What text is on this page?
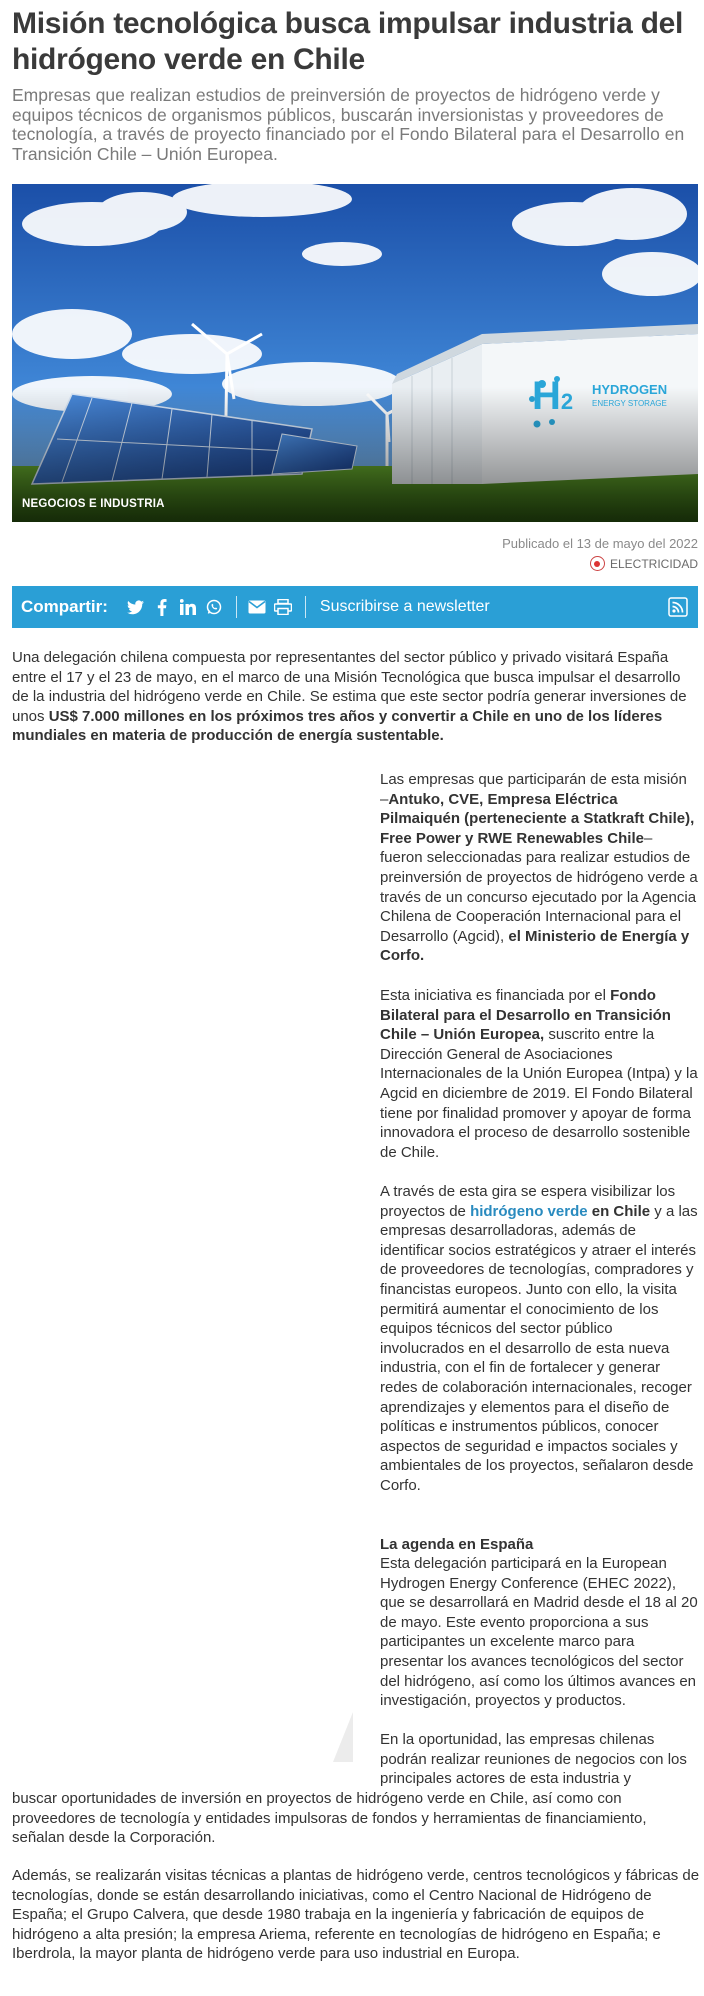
Misión tecnológica busca impulsar industria del hidrógeno verde en Chile

Empresas que realizan estudios de preinversión de proyectos de hidrógeno verde y equipos técnicos de organismos públicos, buscarán inversionistas y proveedores de tecnología, a través de proyecto financiado por el Fondo Bilateral para el Desarrollo en Transición Chile – Unión Europea.

H2 HYDROGEN
ENERGY STORAGE
NEGOCIOS E INDUSTRIA
Publicado el 13 de mayo del 2022
ELECTRICIDAD
Compartir:	Suscribirse a newsletter

Una delegación chilena compuesta por representantes del sector público y privado visitará España entre el 17 y el 23 de mayo, en el marco de una Misión Tecnológica que busca impulsar el desarrollo de la industria del hidrógeno verde en Chile. Se estima que este sector podría generar inversiones de unos US$ 7.000 millones en los próximos tres años y convertir a Chile en uno de los líderes mundiales en materia de producción de energía sustentable.

Las empresas que participarán de esta misión –Antuko, CVE, Empresa Eléctrica Pilmaiquén (perteneciente a Statkraft Chile), Free Power y RWE Renewables Chile– fueron seleccionadas para realizar estudios de preinversión de proyectos de hidrógeno verde a través de un concurso ejecutado por la Agencia Chilena de Cooperación Internacional para el Desarrollo (Agcid), el Ministerio de Energía y Corfo.

Esta iniciativa es financiada por el Fondo Bilateral para el Desarrollo en Transición Chile – Unión Europea, suscrito entre la Dirección General de Asociaciones Internacionales de la Unión Europea (Intpa) y la Agcid en diciembre de 2019. El Fondo Bilateral tiene por finalidad promover y apoyar de forma innovadora el proceso de desarrollo sostenible de Chile.

A través de esta gira se espera visibilizar los proyectos de hidrógeno verde en Chile y a las empresas desarrolladoras, además de identificar socios estratégicos y atraer el interés de proveedores de tecnologías, compradores y financistas europeos. Junto con ello, la visita permitirá aumentar el conocimiento de los equipos técnicos del sector público involucrados en el desarrollo de esta nueva industria, con el fin de fortalecer y generar redes de colaboración internacionales, recoger aprendizajes y elementos para el diseño de políticas e instrumentos públicos, conocer aspectos de seguridad e impactos sociales y ambientales de los proyectos, señalaron desde Corfo.

La agenda en España

Esta delegación participará en la European Hydrogen Energy Conference (EHEC 2022), que se desarrollará en Madrid desde el 18 al 20 de mayo. Este evento proporciona a sus participantes un excelente marco para presentar los avances tecnológicos del sector del hidrógeno, así como los últimos avances en investigación, proyectos y productos.

En la oportunidad, las empresas chilenas podrán realizar reuniones de negocios con los principales actores de esta industria y

buscar oportunidades de inversión en proyectos de hidrógeno verde en Chile, así como con proveedores de tecnología y entidades impulsoras de fondos y herramientas de financiamiento, señalan desde la Corporación.

Además, se realizarán visitas técnicas a plantas de hidrógeno verde, centros tecnológicos y fábricas de tecnologías, donde se están desarrollando iniciativas, como el Centro Nacional de Hidrógeno de España; el Grupo Calvera, que desde 1980 trabaja en la ingeniería y fabricación de equipos de hidrógeno a alta presión; la empresa Ariema, referente en tecnologías de hidrógeno en España; e Iberdrola, la mayor planta de hidrógeno verde para uso industrial en Europa.
